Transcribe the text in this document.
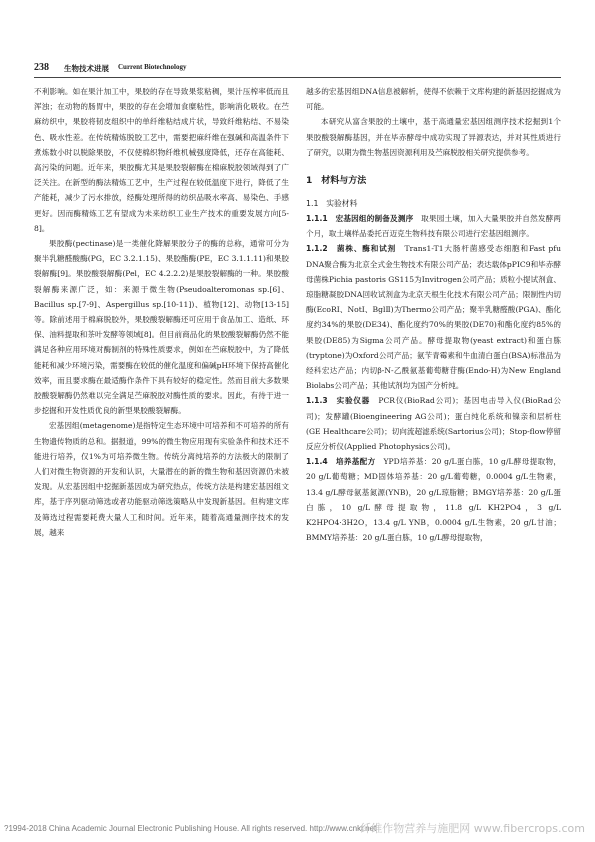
238 生物技术进展 Current Biotechnology

不利影响。如在果汁加工中，果胶的存在导致果浆粘稠，果汁压榨率低而且浑浊；在动物的肠胃中，果胶的存在会增加食糜粘性，影响消化吸收。在苎麻纺织中，果胶将韧皮组织中的单纤维粘结成片状，导致纤维粘结、不易染色、吸水性差。在传统精炼脱胶工艺中，需要把麻纤维在强碱和高温条件下煮炼数小时以脱除果胶，不仅使棉织物纤维机械强度降低，还存在高能耗、高污染的问题。近年来，果胶酶尤其是果胶裂解酶在棉麻脱胶领域得到了广泛关注。在新型的酶法精炼工艺中，生产过程在较低温度下进行，降低了生产能耗，减少了污水排放，经酶处理所得的纺织品吸水率高、易染色、手感更好。因而酶精炼工艺有望成为未来纺织工业生产技术的重要发展方向[5-8]。

果胶酶(pectinase)是一类催化降解果胶分子的酶的总称，通常可分为聚半乳糖醛酸酶(PG，EC 3.2.1.15)、果胶酯酶(PE，EC 3.1.1.11)和果胶裂解酶[9]。果胶酸裂解酶(Pel，EC 4.2.2.2)是果胶裂解酶的一种。果胶酸裂解酶来源广泛，如：来源于微生物(Pseudoalteromonas sp.[6]、Bacillus sp.[7-9]、Aspergillus sp.[10-11])、植物[12]、动物[13-15]等。除前述用于棉麻脱胶外，果胶酸裂解酶还可应用于食品加工、造纸、环保、油料提取和茶叶发酵等领域[8]。但目前商品化的果胶酸裂解酶仍然不能满足各种应用环境对酶制剂的特殊性质要求，例如在苎麻脱胶中，为了降低能耗和减少环境污染，需要酶在较低的催化温度和偏碱pH环境下保持高催化效率，而且要求酶在最适酶作条件下具有较好的稳定性。然而目前大多数果胶酸裂解酶仍然难以完全满足苎麻脱胶对酶性质的要求。因此，有待于进一步挖掘和开发性质优良的新型果胶酸裂解酶。

宏基因组(metagenome)是指特定生态环境中可培养和不可培养的所有生物遗传物质的总和。据报道，99%的微生物应用现有实验条件和技术还不能进行培养，仅1%为可培养微生物。传统分离纯培养的方法极大的限制了人们对微生物资源的开发和认识，大量潜在的新的微生物和基因资源仍未被发现。从宏基因组中挖掘新基因成为研究热点，传统方法是构建宏基因组文库，基于序列驱动筛选或者功能驱动筛选策略从中发现新基因。但构建文库及筛选过程需要耗费大量人工和时间。近年来，随着高通量测序技术的发展，越来

越多的宏基因组DNA信息被解析，使得不依赖于文库构建的新基因挖掘成为可能。

本研究从富含果胶的土壤中，基于高通量宏基因组测序技术挖掘到1个果胶酸裂解酶基因，并在毕赤酵母中成功实现了异源表达，并对其性质进行了研究，以期为微生物基因资源利用及苎麻脱胶相关研究提供参考。

1　材料与方法
1.1　实验材料

1.1.1　宏基因组的制备及测序　 取果园土壤，加入大量果胶并自然发酵两个月，取土壤样品委托百迈克生物科技有限公司进行宏基因组测序。

1.1.2　菌株、酶和试剂　 Trans1-T1大肠杆菌感受态细胞和Fast pfu DNA聚合酶为北京全式金生物技术有限公司产品；表达载体pPIC9和毕赤酵母菌株Pichia pastoris GS115为Invitrogen公司产品；质粒小提试剂盒、琼脂糖凝胶DNA回收试剂盒为北京天根生化技术有限公司产品；限制性内切酶(EcoRⅠ、NotⅠ、BglⅡ)为Thermo公司产品；聚半乳糖醛酸(PGA)、酯化度约34%的果胶(DE34)、酯化度约70%的果胶(DE70)和酯化度约85%的果胶(DE85)为Sigma公司产品。酵母提取物(yeast extract)和蛋白胨(tryptone)为Oxford公司产品；氨苄青霉素和牛血清白蛋白(BSA)标准品为经科宏达产品；内切β-N-乙酰氨基葡萄糖苷酶(Endo-H)为New England Biolabs公司产品；其他试剂均为国产分析纯。

1.1.3　实验仪器　 PCR仪(BioRad公司)；基因电击导入仪(BioRad公司)；发酵罐(Bioengineering AG公司)；蛋白纯化系统和镍亲和层析柱(GE Healthcare公司)；切向流超滤系统(Sartorius公司)；Stop-flow停留反应分析仪(Applied Photophysics公司)。

1.1.4　培养基配方　 YPD培养基：20 g/L蛋白胨，10 g/L酵母提取物，20 g/L葡萄糖；MD固体培养基：20 g/L葡萄糖，0.0004 g/L生物素，13.4 g/L酵母氨基氮源(YNB)，20 g/L琼脂糖；BMGY培养基：20 g/L蛋白胨，10 g/L酵母提取物，11.8 g/L KH2PO4，3 g/L K2HPO4·3H2O，13.4 g/L YNB，0.0004 g/L生物素，20 g/L甘油；BMMY培养基：20 g/L蛋白胨，10 g/L酵母提取物，

?1994-2018 China Academic Journal Electronic Publishing House. All rights reserved. http://www.cnki.net
纤维作物营养与施肥网 www.fibercrops.com
